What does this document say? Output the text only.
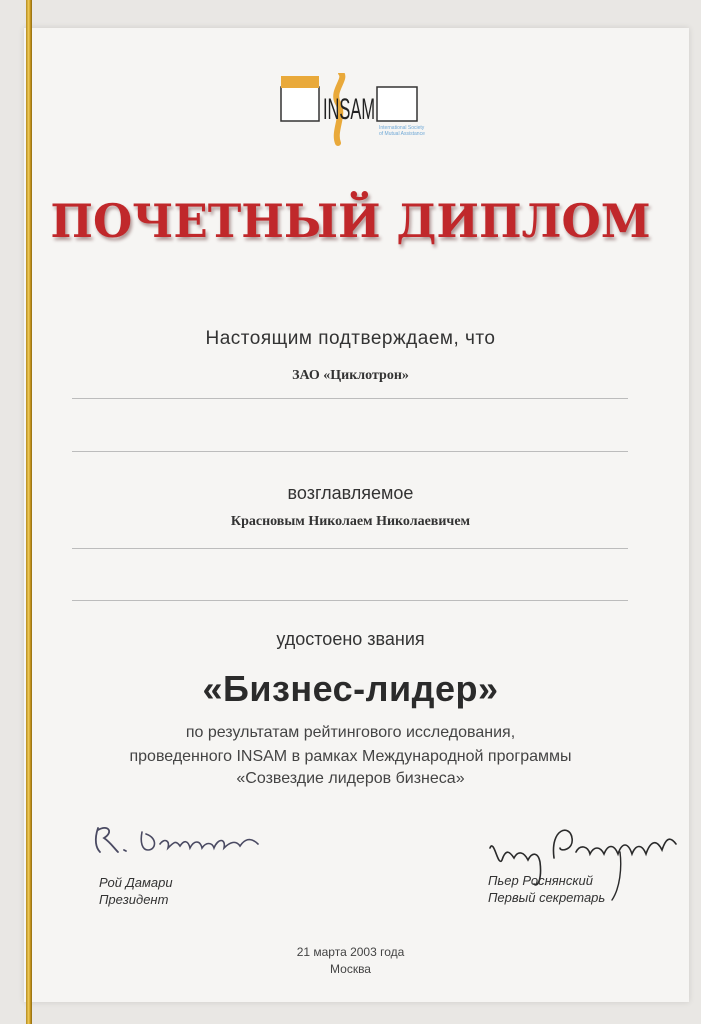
International Society
of Mutual Assistance
INSAM
ПОЧЕТНЫЙ ДИПЛОМ
Настоящим подтверждаем, что
ЗАО «Циклотрон»
возглавляемое
Красновым Николаем Николаевичем
удостоено звания
«Бизнес-лидер»
по результатам рейтингового исследования,
проведенного INSAM в рамках Международной программы
«Созвездие лидеров бизнеса»
Рой Дамари
Президент
Пьер Роснянский
Первый секретарь
21 марта 2003 года
Москва
